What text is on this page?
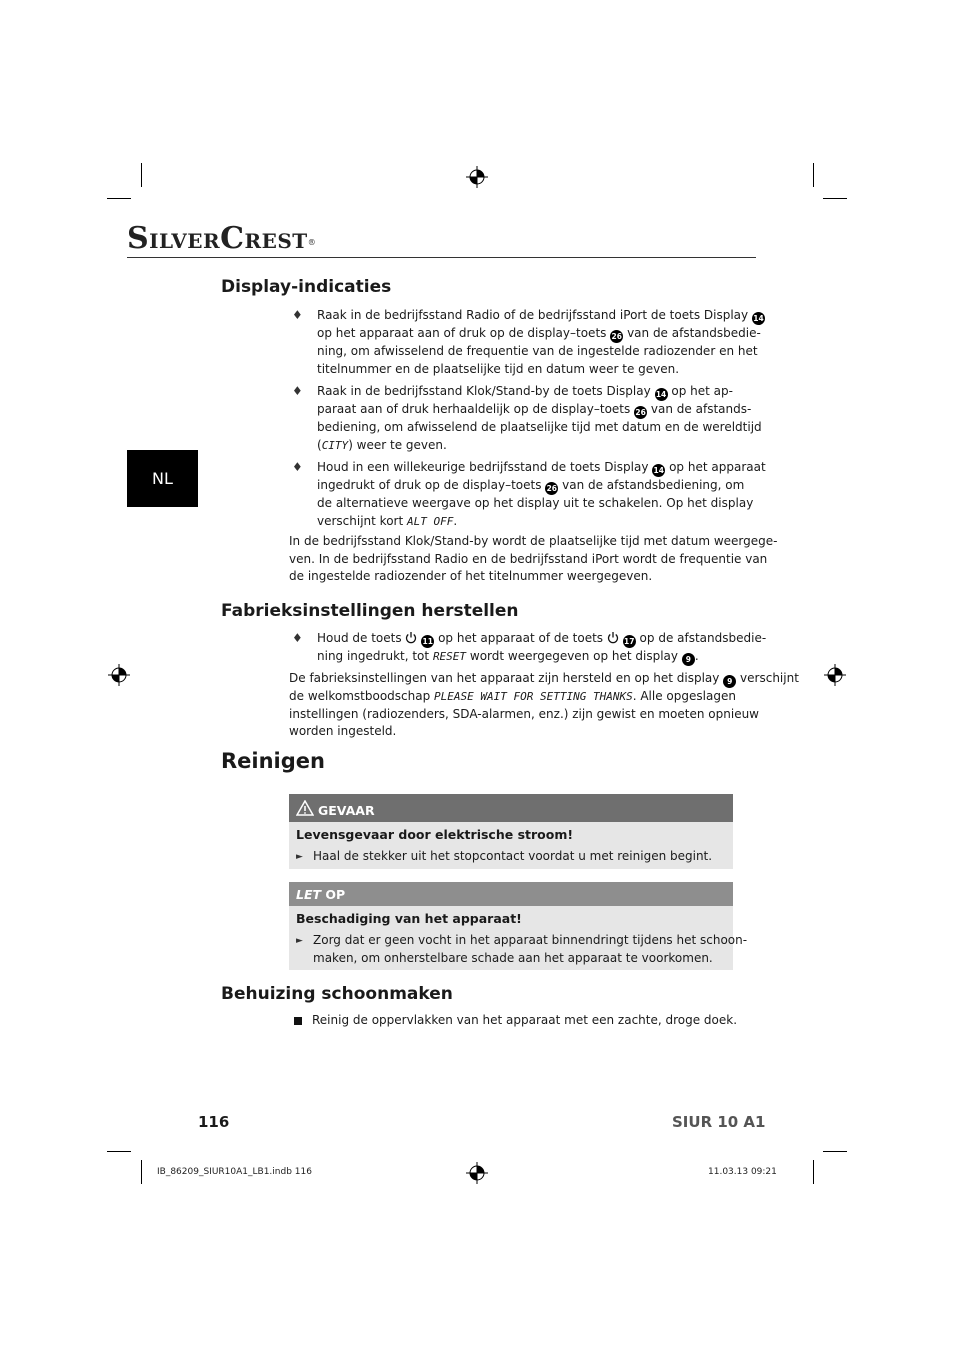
SILVERCREST®
NL
Display-indicaties
♦ Raak in de bedrijfsstand Radio of de bedrijfsstand iPort de toets Display 14
op het apparaat aan of druk op de display–toets 26 van de afstandsbedie-
ning, om afwisselend de frequentie van de ingestelde radiozender en het
titelnummer en de plaatselijke tijd en datum weer te geven.
♦ Raak in de bedrijfsstand Klok/Stand-by de toets Display 14 op het ap-
paraat aan of druk herhaaldelijk op de display–toets 26 van de afstands-
bediening, om afwisselend de plaatselijke tijd met datum en de wereldtijd
(CITY) weer te geven.
♦ Houd in een willekeurige bedrijfsstand de toets Display 14 op het apparaat
ingedrukt of druk op de display–toets 26 van de afstandsbediening, om
de alternatieve weergave op het display uit te schakelen. Op het display
verschijnt kort ALT OFF.
In de bedrijfsstand Klok/Stand-by wordt de plaatselijke tijd met datum weergege-
ven. In de bedrijfsstand Radio en de bedrijfsstand iPort wordt de frequentie van
de ingestelde radiozender of het titelnummer weergegeven.
Fabrieksinstellingen herstellen
♦ Houd de toets	11 op het apparaat of de toets	17 op de afstandsbedie-
ning ingedrukt, tot RESET wordt weergegeven op het display 9 .
De fabrieksinstellingen van het apparaat zijn hersteld en op het display 9 verschijnt
de welkomstboodschap PLEASE WAIT FOR SETTING THANKS. Alle opgeslagen
instellingen (radiozenders, SDA-alarmen, enz.) zijn gewist en moeten opnieuw
worden ingesteld.
Reinigen
GEVAAR
Levensgevaar door elektrische stroom!
► Haal de stekker uit het stopcontact voordat u met reinigen begint.
LET OP
Beschadiging van het apparaat!
► Zorg dat er geen vocht in het apparaat binnendringt tijdens het schoon-
maken, om onherstelbare schade aan het apparaat te voorkomen.
Behuizing schoonmaken
Reinig de oppervlakken van het apparaat met een zachte, droge doek.
116	SIUR 10 A1
IB_86209_SIUR10A1_LB1.indb 116	11.03.13 09:21
